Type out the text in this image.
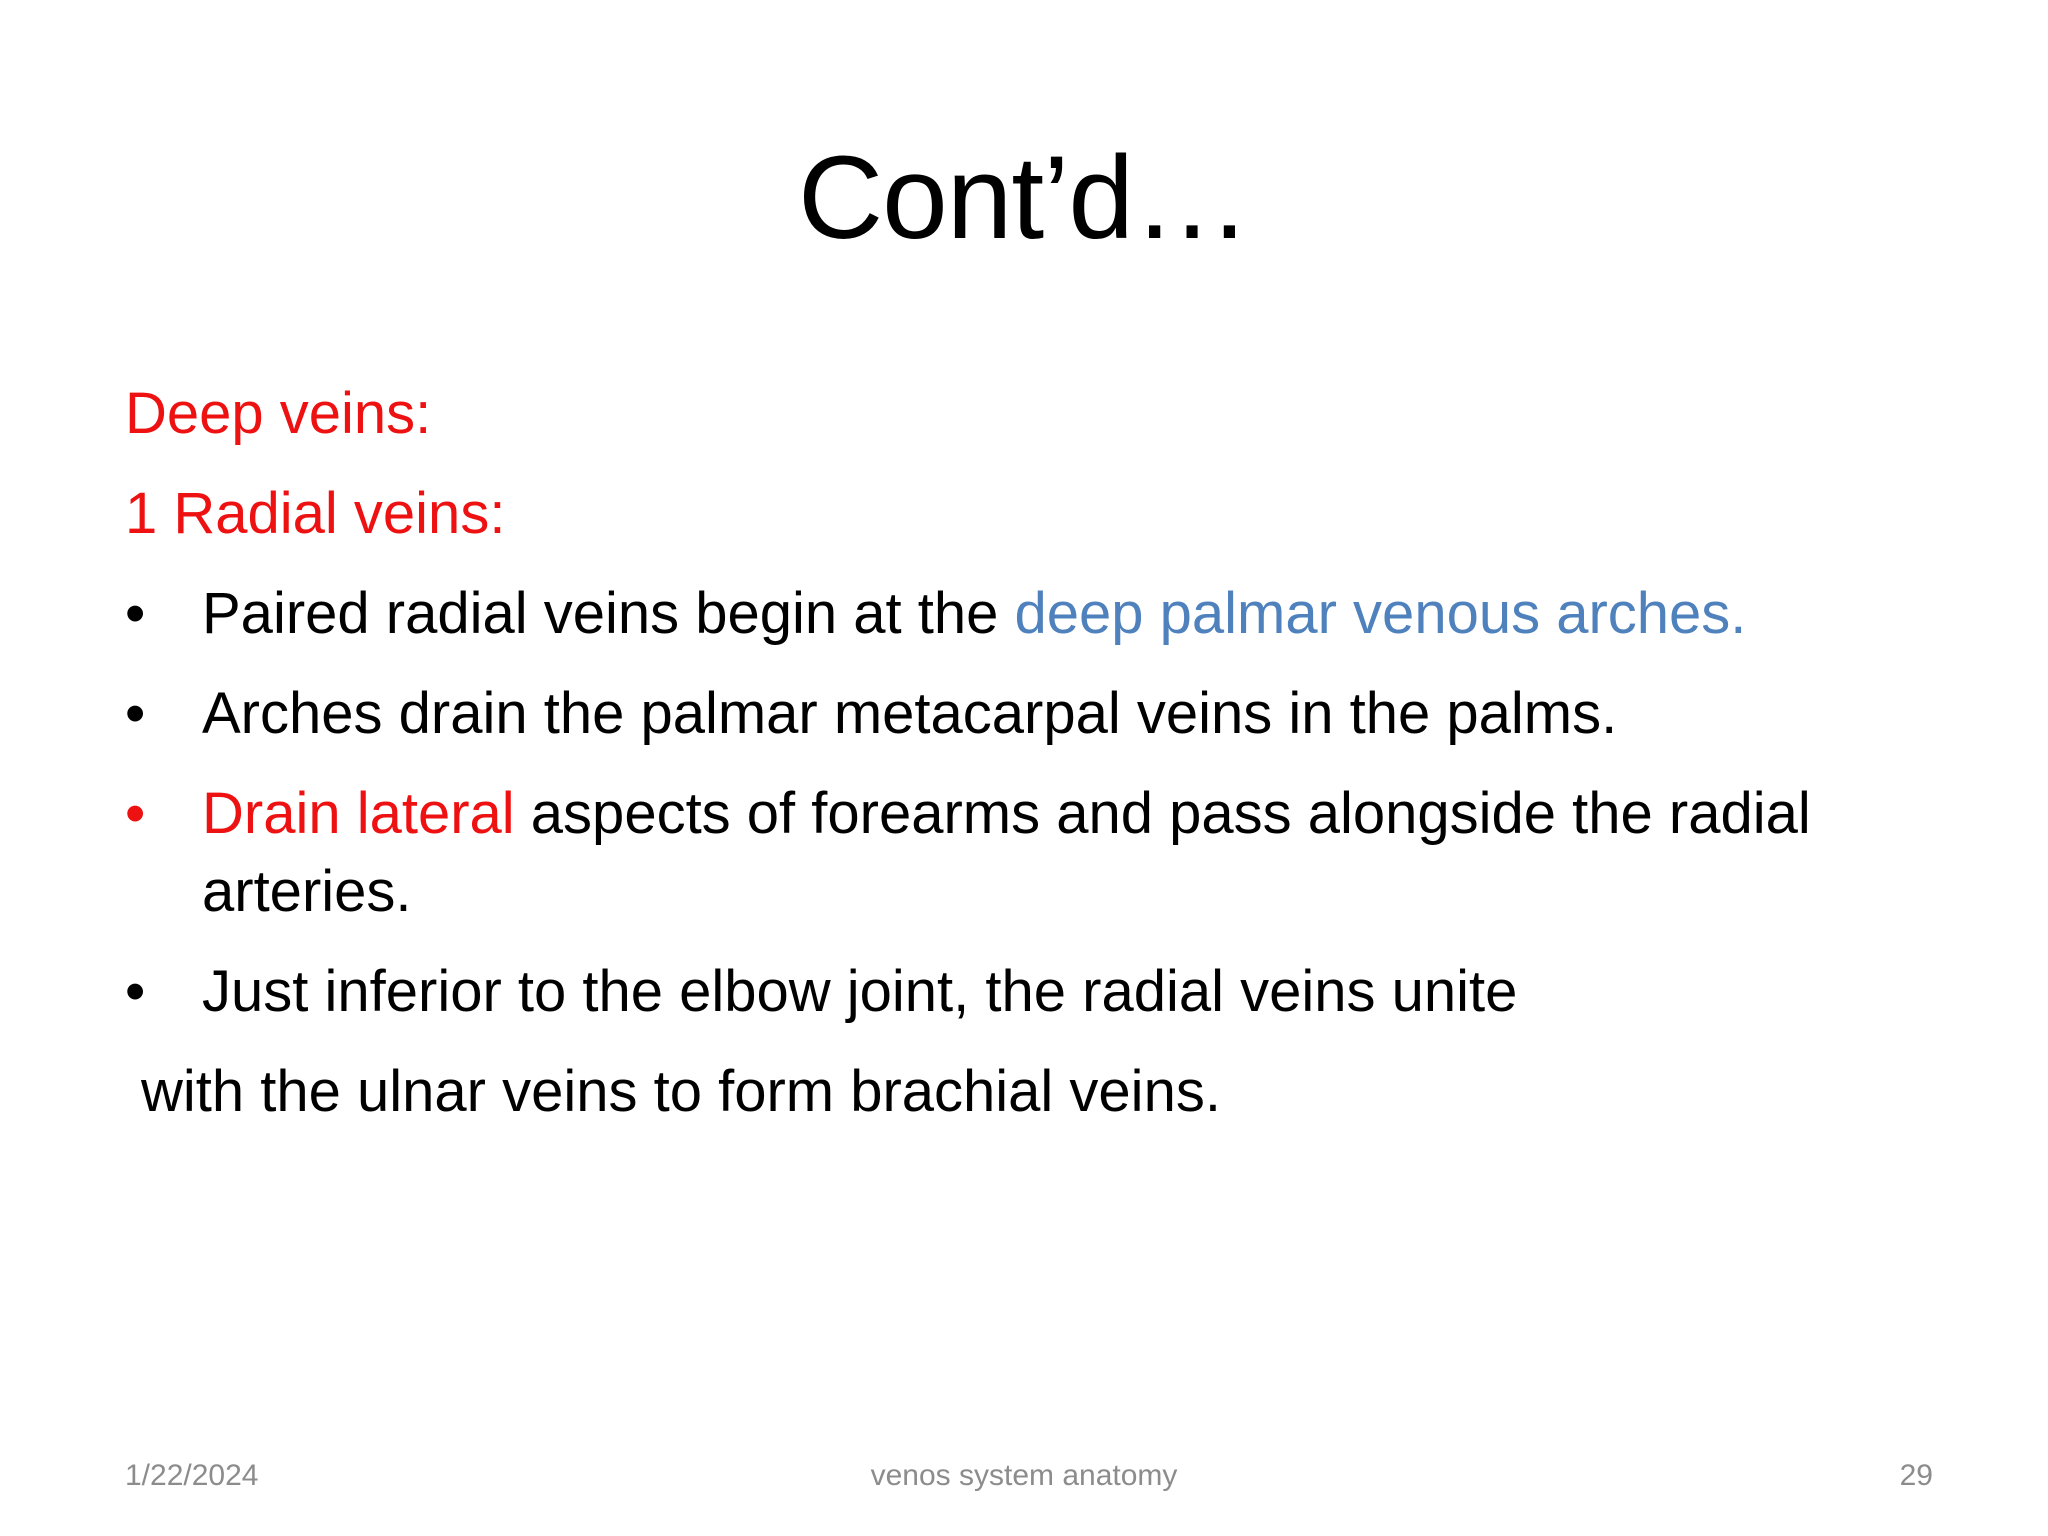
Cont’d…
Deep veins:
1 Radial veins:
• Paired radial veins begin at the deep palmar venous arches.
• Arches drain the palmar metacarpal veins in the palms.
• Drain lateral aspects of forearms and pass alongside the radial arteries.
• Just inferior to the elbow joint, the radial veins unite
with the ulnar veins to form brachial veins.
1/22/2024	venos system anatomy	29
